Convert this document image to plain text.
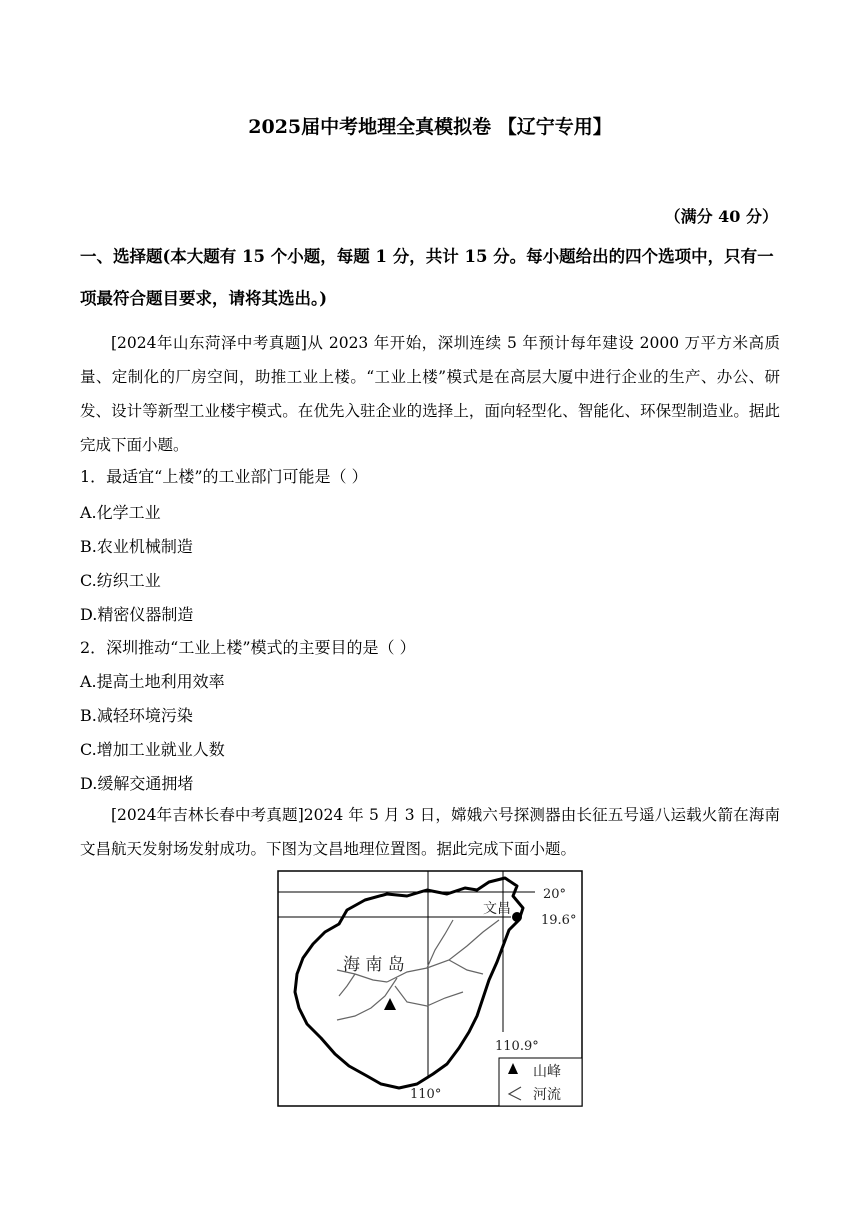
2025届中考地理全真模拟卷 【辽宁专用】
（满分 40 分）
一、选择题(本大题有 15 个小题，每题 1 分，共计 15 分。每小题给出的四个选项中，只有一项最符合题目要求，请将其选出。)
[2024年山东菏泽中考真题]从 2023 年开始，深圳连续 5 年预计每年建设 2000 万平方米高质量、定制化的厂房空间，助推工业上楼。“工业上楼”模式是在高层大厦中进行企业的生产、办公、研发、设计等新型工业楼宇模式。在优先入驻企业的选择上，面向轻型化、智能化、环保型制造业。据此完成下面小题。
1．最适宜“上楼”的工业部门可能是（ ）
A.化学工业
B.农业机械制造
C.纺织工业
D.精密仪器制造
2．深圳推动“工业上楼”模式的主要目的是（ ）
A.提高土地利用效率
B.减轻环境污染
C.增加工业就业人数
D.缓解交通拥堵
[2024年吉林长春中考真题]2024 年 5 月 3 日，嫦娥六号探测器由长征五号遥八运载火箭在海南文昌航天发射场发射成功。下图为文昌地理位置图。据此完成下面小题。
20°
19.6°
文昌
海 南 岛
110.9°
110°
山峰
河流
